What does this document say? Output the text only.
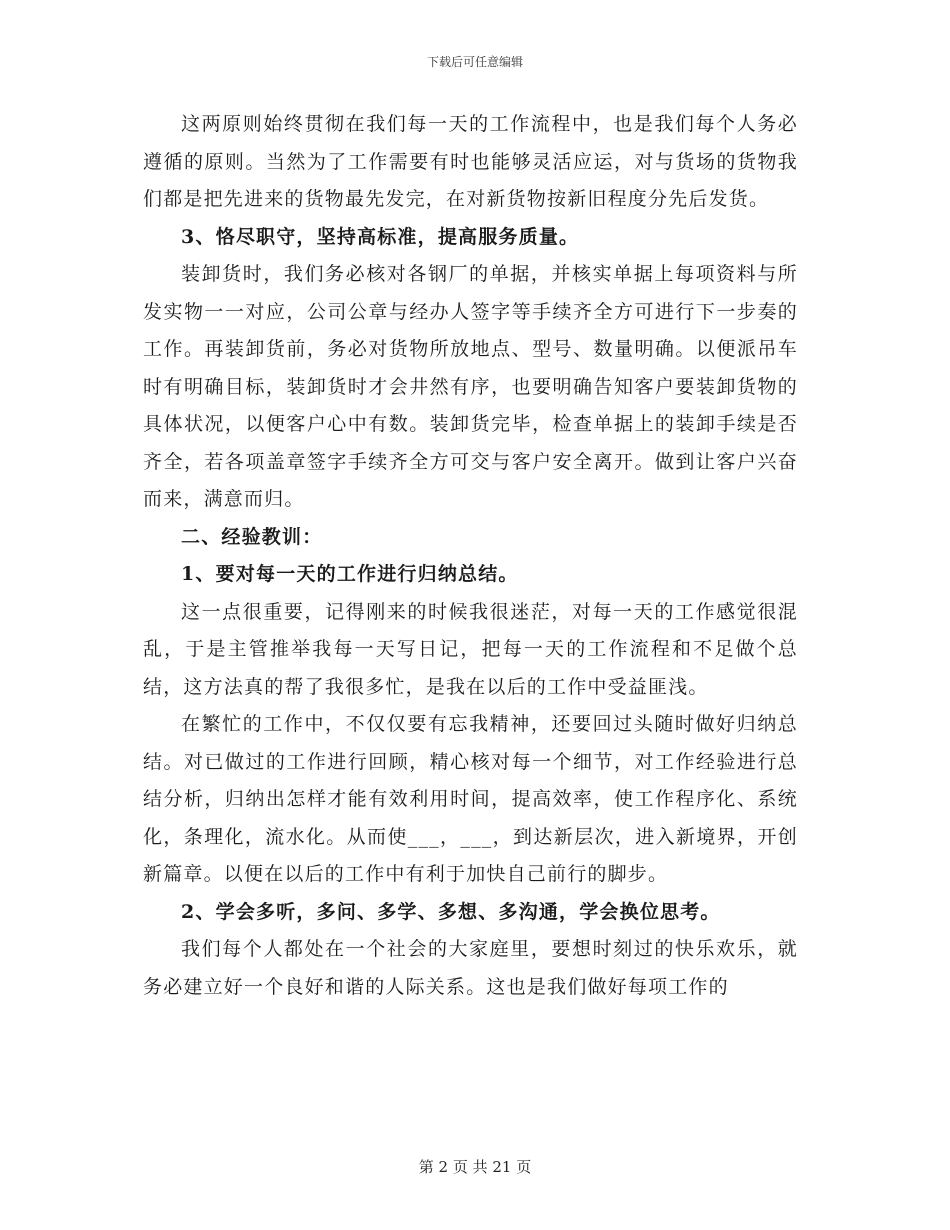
下载后可任意编辑

这两原则始终贯彻在我们每一天的工作流程中，也是我们每个人务必遵循的原则。当然为了工作需要有时也能够灵活应运，对与货场的货物我们都是把先进来的货物最先发完，在对新货物按新旧程度分先后发货。

3、恪尽职守，坚持高标准，提高服务质量。

装卸货时，我们务必核对各钢厂的单据，并核实单据上每项资料与所发实物一一对应，公司公章与经办人签字等手续齐全方可进行下一步奏的工作。再装卸货前，务必对货物所放地点、型号、数量明确。以便派吊车时有明确目标，装卸货时才会井然有序，也要明确告知客户要装卸货物的具体状况，以便客户心中有数。装卸货完毕，检查单据上的装卸手续是否齐全，若各项盖章签字手续齐全方可交与客户安全离开。做到让客户兴奋而来，满意而归。

二、经验教训：

1、要对每一天的工作进行归纳总结。

这一点很重要，记得刚来的时候我很迷茫，对每一天的工作感觉很混乱，于是主管推举我每一天写日记，把每一天的工作流程和不足做个总结，这方法真的帮了我很多忙，是我在以后的工作中受益匪浅。

在繁忙的工作中，不仅仅要有忘我精神，还要回过头随时做好归纳总结。对已做过的工作进行回顾，精心核对每一个细节，对工作经验进行总结分析，归纳出怎样才能有效利用时间，提高效率，使工作程序化、系统化，条理化，流水化。从而使___，___，到达新层次，进入新境界，开创新篇章。以便在以后的工作中有利于加快自己前行的脚步。

2、学会多听，多问、多学、多想、多沟通，学会换位思考。

我们每个人都处在一个社会的大家庭里，要想时刻过的快乐欢乐，就务必建立好一个良好和谐的人际关系。这也是我们做好每项工作的

第 2 页 共 21 页
